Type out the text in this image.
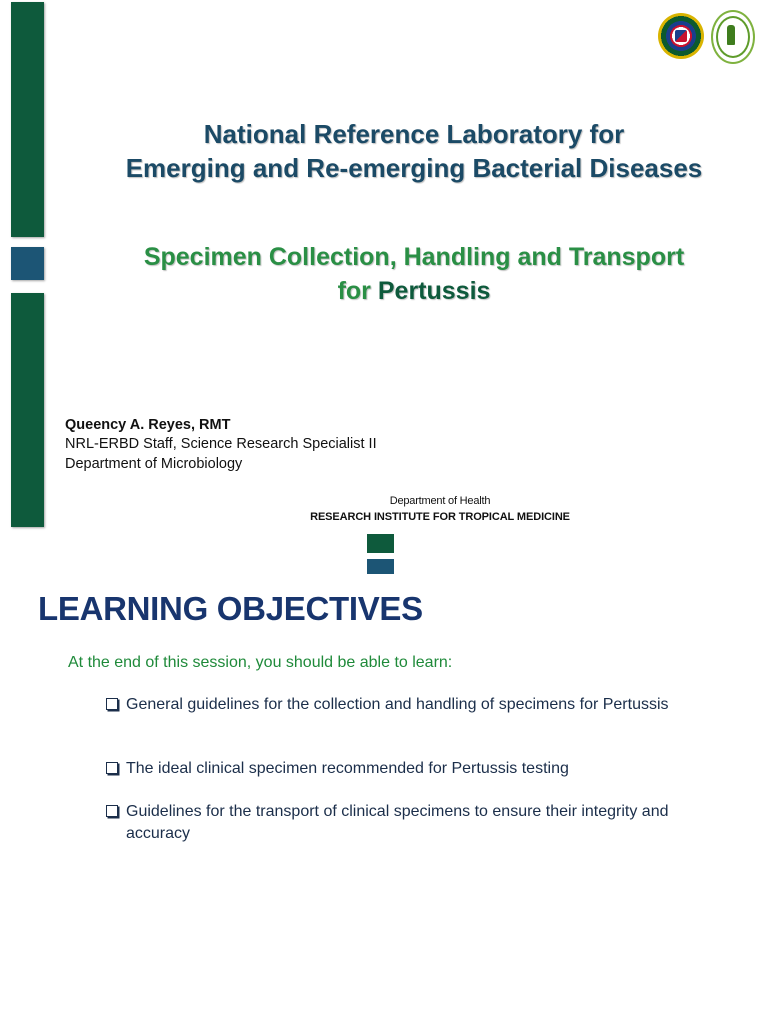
National Reference Laboratory for
Emerging and Re-emerging Bacterial Diseases
Specimen Collection, Handling and Transport
for Pertussis
Queency A. Reyes, RMT
NRL-ERBD Staff, Science Research Specialist II
Department of Microbiology
Department of Health
RESEARCH INSTITUTE FOR TROPICAL MEDICINE
LEARNING OBJECTIVES
At the end of this session, you should be able to learn:
General guidelines for the collection and handling of specimens for Pertussis
The ideal clinical specimen recommended for Pertussis testing
Guidelines for the transport of clinical specimens to ensure their integrity and accuracy
